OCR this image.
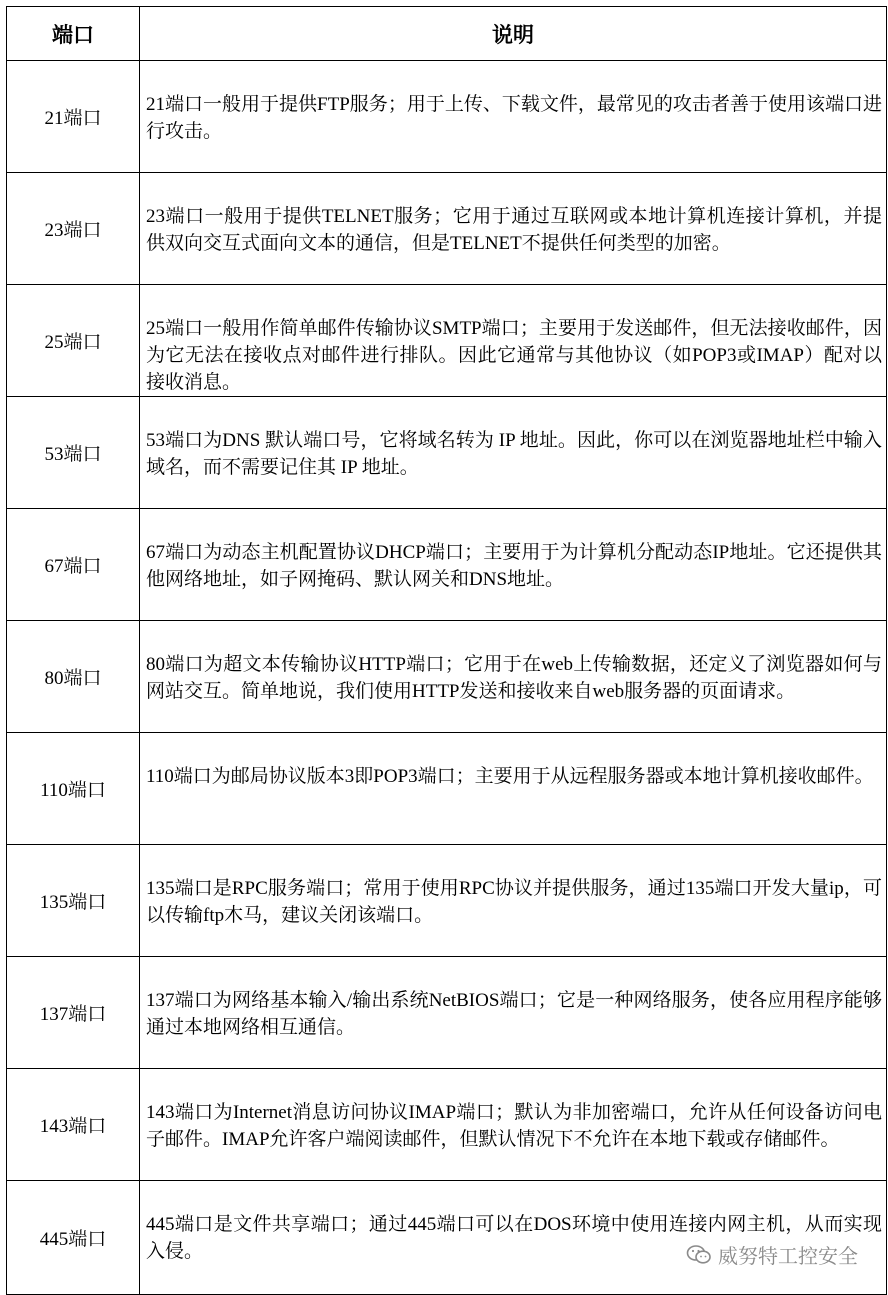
端口	说明
21端口	21端口一般用于提供FTP服务；用于上传、下载文件，最常见的攻击者善于使用该端口进行攻击。
23端口	23端口一般用于提供TELNET服务；它用于通过互联网或本地计算机连接计算机，并提供双向交互式面向文本的通信，但是TELNET不提供任何类型的加密。
25端口	25端口一般用作简单邮件传输协议SMTP端口；主要用于发送邮件，但无法接收邮件，因为它无法在接收点对邮件进行排队。因此它通常与其他协议（如POP3或IMAP）配对以接收消息。
53端口	53端口为DNS 默认端口号，它将域名转为 IP 地址。因此，你可以在浏览器地址栏中输入域名，而不需要记住其 IP 地址。
67端口	67端口为动态主机配置协议DHCP端口；主要用于为计算机分配动态IP地址。它还提供其他网络地址，如子网掩码、默认网关和DNS地址。
80端口	80端口为超文本传输协议HTTP端口；它用于在web上传输数据，还定义了浏览器如何与网站交互。简单地说，我们使用HTTP发送和接收来自web服务器的页面请求。
110端口	110端口为邮局协议版本3即POP3端口；主要用于从远程服务器或本地计算机接收邮件。
135端口	135端口是RPC服务端口；常用于使用RPC协议并提供服务，通过135端口开发大量ip，可以传输ftp木马，建议关闭该端口。
137端口	137端口为网络基本输入/输出系统NetBIOS端口；它是一种网络服务，使各应用程序能够通过本地网络相互通信。
143端口	143端口为Internet消息访问协议IMAP端口；默认为非加密端口，允许从任何设备访问电子邮件。IMAP允许客户端阅读邮件，但默认情况下不允许在本地下载或存储邮件。
445端口	445端口是文件共享端口；通过445端口可以在DOS环境中使用连接内网主机，从而实现入侵。	威努特工控安全
